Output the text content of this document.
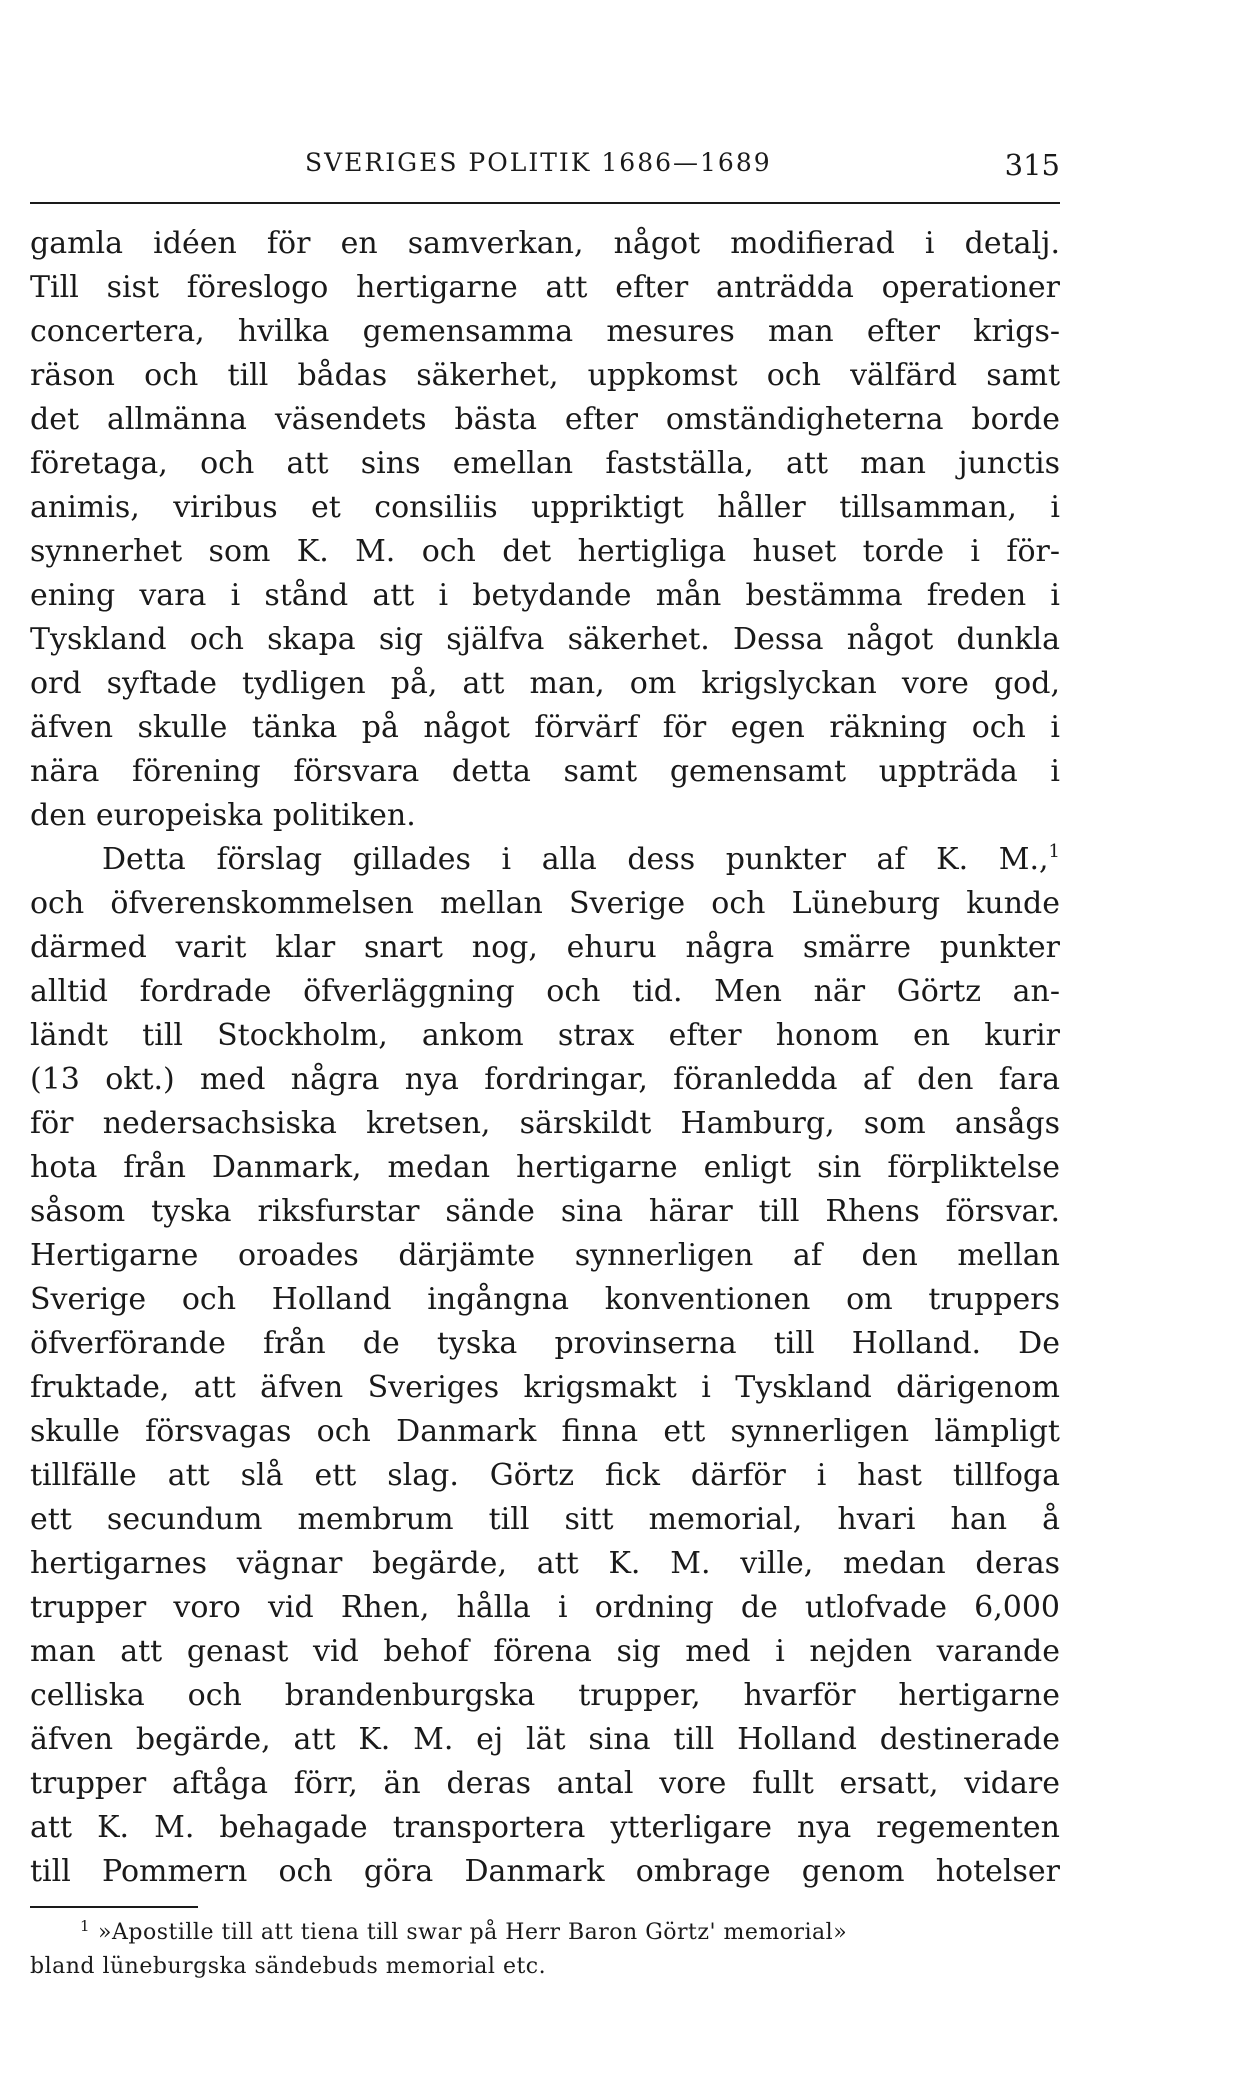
SVERIGES POLITIK 1686—1689	315
gamla idéen för en samverkan, något modifierad i detalj.
Till sist föreslogo hertigarne att efter anträdda operationer
concertera, hvilka gemensamma mesures man efter krigs-
räson och till bådas säkerhet, uppkomst och välfärd samt
det allmänna väsendets bästa efter omständigheterna borde
företaga, och att sins emellan fastställa, att man junctis
animis, viribus et consiliis uppriktigt håller tillsamman, i
synnerhet som K. M. och det hertigliga huset torde i för-
ening vara i stånd att i betydande mån bestämma freden i
Tyskland och skapa sig själfva säkerhet. Dessa något dunkla
ord syftade tydligen på, att man, om krigslyckan vore god,
äfven skulle tänka på något förvärf för egen räkning och i
nära förening försvara detta samt gemensamt uppträda i
den europeiska politiken.
Detta förslag gillades i alla dess punkter af K. M.,$^1$
och öfverenskommelsen mellan Sverige och Lüneburg kunde
därmed varit klar snart nog, ehuru några smärre punkter
alltid fordrade öfverläggning och tid. Men när Görtz an-
ländt till Stockholm, ankom strax efter honom en kurir
(13 okt.) med några nya fordringar, föranledda af den fara
för nedersachsiska kretsen, särskildt Hamburg, som ansågs
hota från Danmark, medan hertigarne enligt sin förpliktelse
såsom tyska riksfurstar sände sina härar till Rhens försvar.
Hertigarne oroades därjämte synnerligen af den mellan
Sverige och Holland ingångna konventionen om truppers
öfverförande från de tyska provinserna till Holland. De
fruktade, att äfven Sveriges krigsmakt i Tyskland därigenom
skulle försvagas och Danmark finna ett synnerligen lämpligt
tillfälle att slå ett slag. Görtz fick därför i hast tillfoga
ett secundum membrum till sitt memorial, hvari han å
hertigarnes vägnar begärde, att K. M. ville, medan deras
trupper voro vid Rhen, hålla i ordning de utlofvade 6,000
man att genast vid behof förena sig med i nejden varande
celliska och brandenburgska trupper, hvarför hertigarne
äfven begärde, att K. M. ej lät sina till Holland destinerade
trupper aftåga förr, än deras antal vore fullt ersatt, vidare
att K. M. behagade transportera ytterligare nya regementen
till Pommern och göra Danmark ombrage genom hotelser
$^1$ »Apostille till att tiena till swar på Herr Baron Görtz' memorial»
bland lüneburgska sändebuds memorial etc.
